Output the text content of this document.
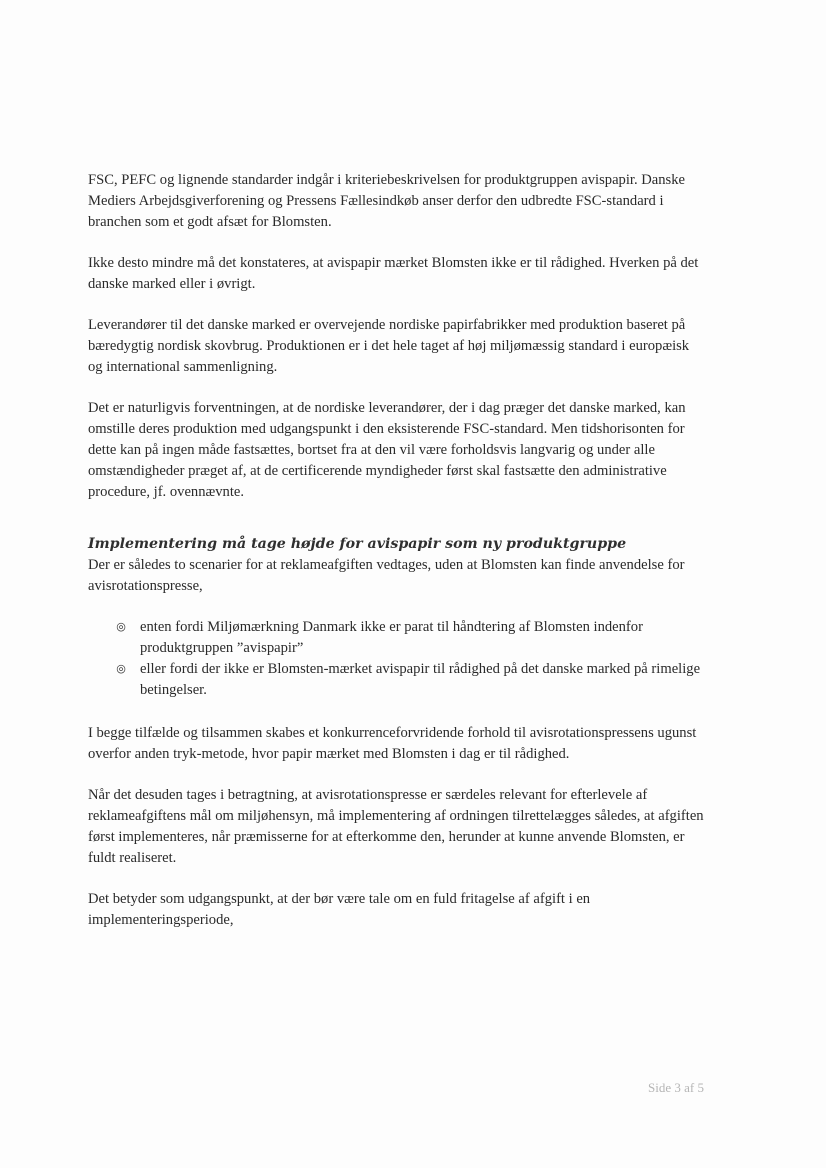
FSC, PEFC og lignende standarder indgår i kriteriebeskrivelsen for produktgruppen avispapir. Danske Mediers Arbejdsgiverforening og Pressens Fællesindkøb anser derfor den udbredte FSC-standard i branchen som et godt afsæt for Blomsten.

Ikke desto mindre må det konstateres, at avispapir mærket Blomsten ikke er til rådighed. Hverken på det danske marked eller i øvrigt.

Leverandører til det danske marked er overvejende nordiske papirfabrikker med produktion baseret på bæredygtig nordisk skovbrug. Produktionen er i det hele taget af høj miljømæssig standard i europæisk og international sammenligning.

Det er naturligvis forventningen, at de nordiske leverandører, der i dag præger det danske marked, kan omstille deres produktion med udgangspunkt i den eksisterende FSC-standard. Men tidshorisonten for dette kan på ingen måde fastsættes, bortset fra at den vil være forholdsvis langvarig og under alle omstændigheder præget af, at de certificerende myndigheder først skal fastsætte den administrative procedure, jf. ovennævnte.

Implementering må tage højde for avispapir som ny produktgruppe
Der er således to scenarier for at reklameafgiften vedtages, uden at Blomsten kan finde anvendelse for avisrotationspresse,
◎ enten fordi Miljømærkning Danmark ikke er parat til håndtering af Blomsten indenfor produktgruppen ”avispapir”
◎ eller fordi der ikke er Blomsten-mærket avispapir til rådighed på det danske marked på rimelige betingelser.

I begge tilfælde og tilsammen skabes et konkurrenceforvridende forhold til avisrotationspressens ugunst overfor anden tryk-metode, hvor papir mærket med Blomsten i dag er til rådighed.

Når det desuden tages i betragtning, at avisrotationspresse er særdeles relevant for efterlevele af reklameafgiftens mål om miljøhensyn, må implementering af ordningen tilrettelægges således, at afgiften først implementeres, når præmisserne for at efterkomme den, herunder at kunne anvende Blomsten, er fuldt realiseret.

Det betyder som udgangspunkt, at der bør være tale om en fuld fritagelse af afgift i en implementeringsperiode,

Side 3 af 5
